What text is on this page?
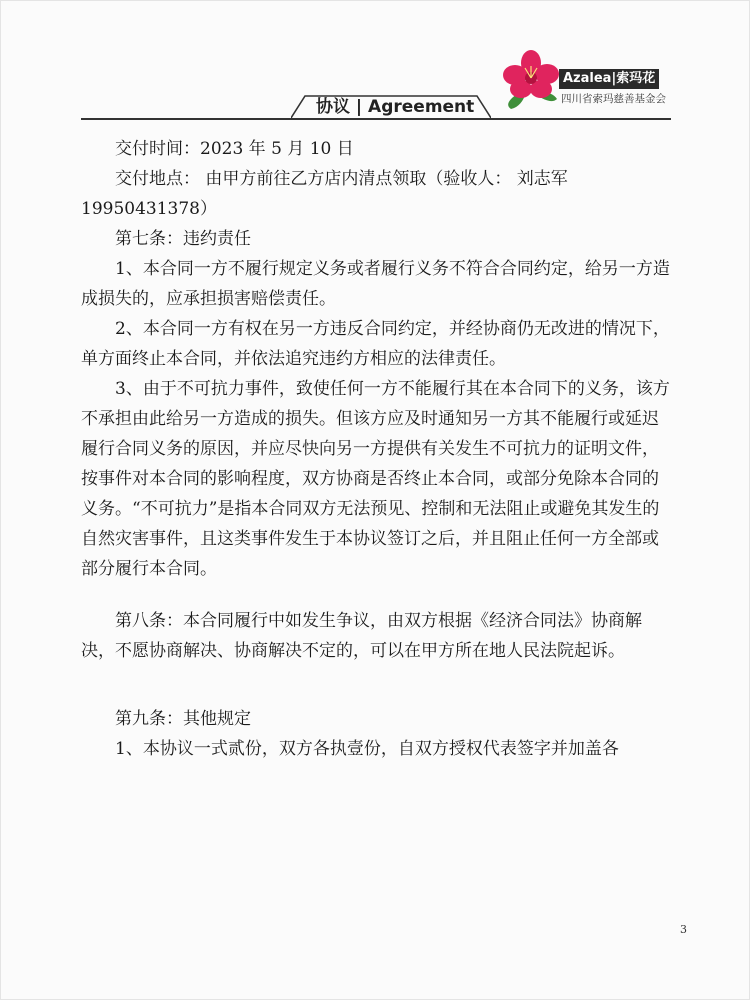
Azalea|索玛花
四川省索玛慈善基金会
协议 | Agreement

交付时间：2023 年 5 月 10 日

交付地点： 由甲方前往乙方店内清点领取（验收人： 刘志军 19950431378）

第七条：违约责任

1、本合同一方不履行规定义务或者履行义务不符合合同约定，给另一方造成损失的，应承担损害赔偿责任。

2、本合同一方有权在另一方违反合同约定，并经协商仍无改进的情况下，单方面终止本合同，并依法追究违约方相应的法律责任。

3、由于不可抗力事件，致使任何一方不能履行其在本合同下的义务，该方不承担由此给另一方造成的损失。但该方应及时通知另一方其不能履行或延迟履行合同义务的原因，并应尽快向另一方提供有关发生不可抗力的证明文件，按事件对本合同的影响程度，双方协商是否终止本合同，或部分免除本合同的义务。“不可抗力”是指本合同双方无法预见、控制和无法阻止或避免其发生的自然灾害事件，且这类事件发生于本协议签订之后，并且阻止任何一方全部或部分履行本合同。

第八条：本合同履行中如发生争议，由双方根据《经济合同法》协商解决，不愿协商解决、协商解决不定的，可以在甲方所在地人民法院起诉。

第九条：其他规定

1、本协议一式贰份，双方各执壹份，自双方授权代表签字并加盖各

3
